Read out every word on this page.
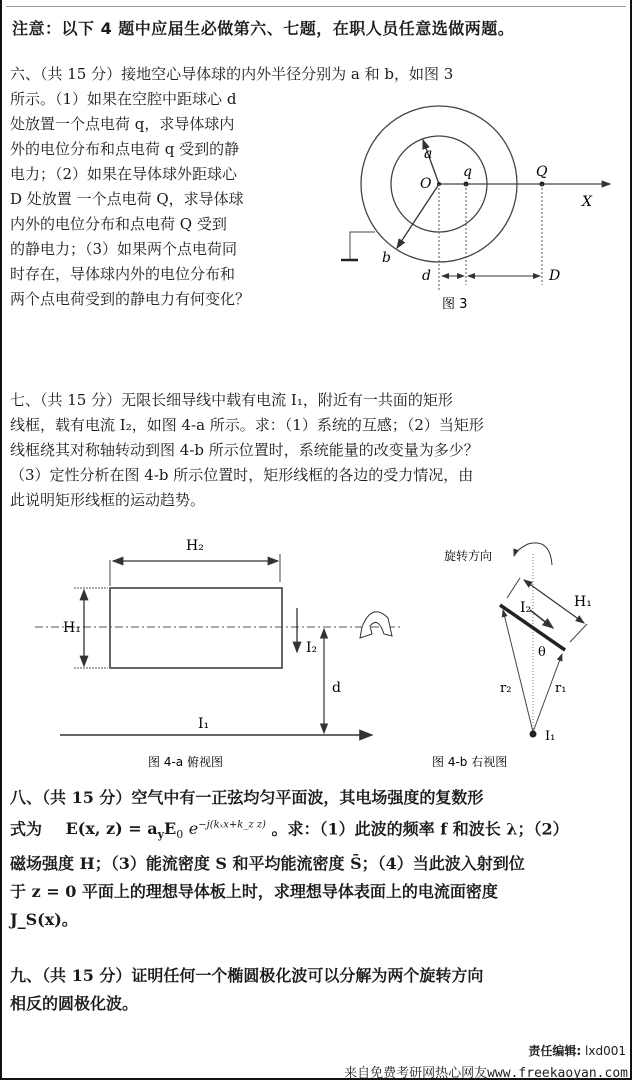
注意：以下 4 题中应届生必做第六、七题，在职人员任意选做两题。
六、（共 15 分）接地空心导体球的内外半径分别为 a 和 b，如图 3
所示。（1）如果在空腔中距球心 d
处放置一个点电荷 q，求导体球内
外的电位分布和点电荷 q 受到的静
电力；（2）如果在导体球外距球心
D 处放置 一个点电荷 Q，求导体球
内外的电位分布和点电荷 Q 受到
的静电力；（3）如果两个点电荷同
时存在，导体球内外的电位分布和
两个点电荷受到的静电力有何变化？
a
b
O
q	Q
X
d	D
图 3
七、（共 15 分）无限长细导线中载有电流 I₁，附近有一共面的矩形
线框，载有电流 I₂，如图 4-a 所示。求：（1）系统的互感；（2）当矩形
线框绕其对称轴转动到图 4-b 所示位置时，系统能量的改变量为多少？
（3）定性分析在图 4-b 所示位置时，矩形线框的各边的受力情况，由
此说明矩形线框的运动趋势。
H₂
H₁
I₂
d
I₁
图 4-a 俯视图
旋转方向
H₁
I₂
θ
r₂	r₁
I₁
图 4-b 右视图
八、（共 15 分）空气中有一正弦均匀平面波，其电场强度的复数形
式为 E(x, $z) = a_yE_0$ $e^{-j(k_xx+k\_z z)}$ 。求：（1）此波的频率 f 和波长 λ；（2）
磁场强度 H；（3）能流密度 S 和平均能流密度 S̄；（4）当此波入射到位
于 z = 0 平面上的理想导体板上时，求理想导体表面上的电流面密度
J_S(x)。
九、（共 15 分）证明任何一个椭圆极化波可以分解为两个旋转方向
相反的圆极化波。
责任编辑: lxd001
来自免费考研网热心网友www.freekaoyan.com
